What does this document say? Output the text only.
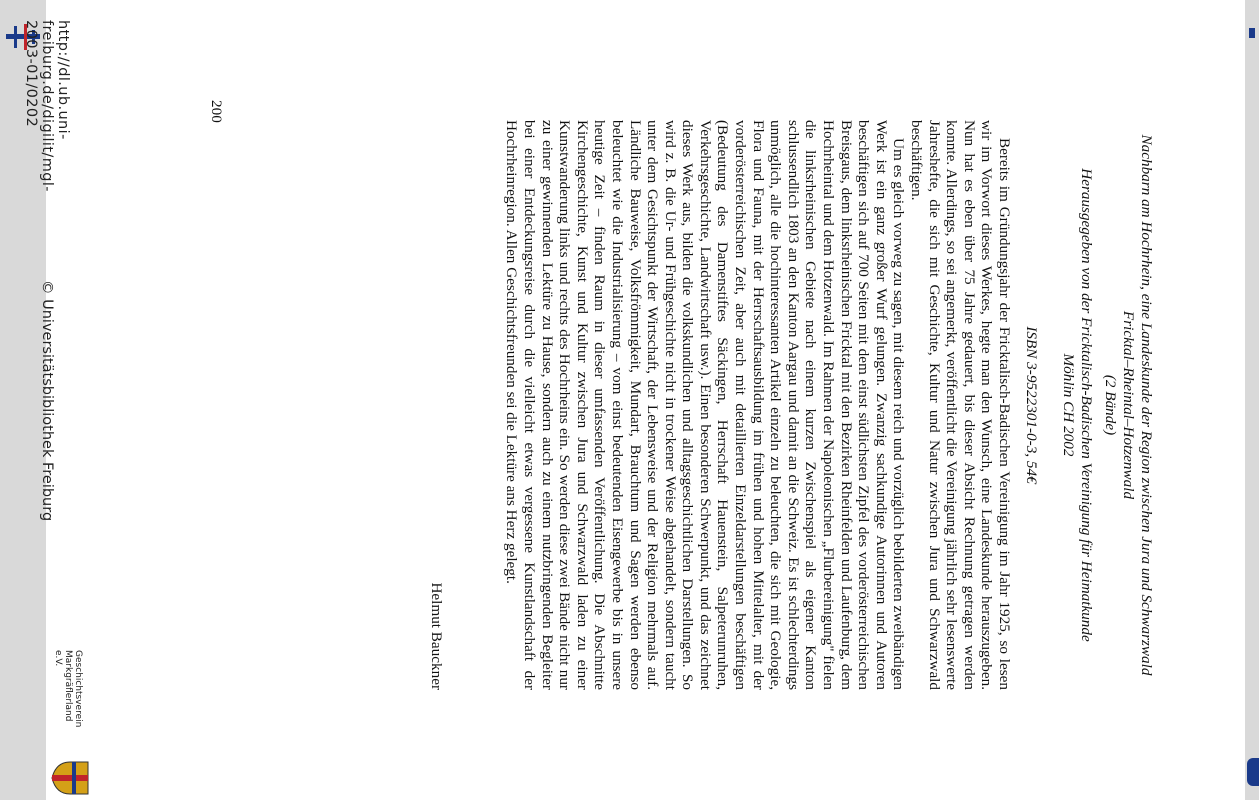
Nachbarn am Hochrhein, eine Landeskunde der Region zwischen Jura und Schwarzwald
Fricktal–Rheintal–Hotzenwald
(2 Bände)
Herausgegeben von der Fricktalisch-Badischen Vereinigung für Heimatkunde
Möhlin CH 2002
ISBN 3-9522301-0-3, 54€

Bereits im Gründungsjahr der Fricktalisch-Badischen Vereinigung im Jahr 1925, so lesen wir im Vorwort dieses Werkes, hegte man den Wunsch, eine Landeskunde herauszugeben. Nun hat es eben über 75 Jahre gedauert, bis dieser Absicht Rechnung getragen werden konnte. Allerdings, so sei angemerkt, veröffentlicht die Vereinigung jährlich sehr lesenswerte Jahreshefte, die sich mit Geschichte, Kultur und Natur zwischen Jura und Schwarzwald beschäftigen.

Um es gleich vorweg zu sagen, mit diesem reich und vorzüglich bebilderten zweibändigen Werk ist ein ganz großer Wurf gelungen. Zwanzig sachkundige Autorinnen und Autoren beschäftigen sich auf 700 Seiten mit dem einst südlichsten Zipfel des vorderösterreichischen Breisgaus, dem linksrheinischen Fricktal mit den Bezirken Rheinfelden und Laufenburg, dem Hochrheintal und dem Hotzenwald. Im Rahmen der Napoleonischen „Flurbereinigung" fielen die linksrheinischen Gebiete nach einem kurzen Zwischenspiel als eigener Kanton schlussendlich 1803 an den Kanton Aargau und damit an die Schweiz. Es ist schlechterdings unmöglich, alle die hochinteressanten Artikel einzeln zu beleuchten, die sich mit Geologie, Flora und Fauna, mit der Herrschaftsausbildung im frühen und hohen Mittelalter, mit der vorderösterreichischen Zeit, aber auch mit detaillierten Einzeldarstellungen beschäftigen (Bedeutung des Damenstiftes Säckingen, Herrschaft Hauenstein, Salpeterunruhen, Verkehrsgeschichte, Landwirtschaft usw.). Einen besonderen Schwerpunkt, und das zeichnet dieses Werk aus, bilden die volkskundlichen und alltagsgeschichtlichen Darstellungen. So wird z. B. die Ur- und Frühgeschichte nicht in trockener Weise abgehandelt, sondern taucht unter dem Gesichtspunkt der Wirtschaft, der Lebensweise und der Religion mehrmals auf. Ländliche Bauweise, Volksfrömmigkeit, Mundart, Brauchtum und Sagen werden ebenso beleuchtet wie die Industrialisierung – vom einst bedeutenden Eisengewerbe bis in unsere heutige Zeit – finden Raum in dieser umfassenden Veröffentlichung. Die Abschnitte Kirchengeschichte, Kunst und Kultur zwischen Jura und Schwarzwald laden zu einer Kunstwanderung links und rechts des Hochrheins ein. So werden diese zwei Bände nicht nur zu einer gewinnenden Lektüre zu Hause, sondern auch zu einem nutzbringenden Begleiter bei einer Entdeckungsreise durch die vielleicht etwas vergessene Kunstlandschaft der Hochrheinregion. Allen Geschichtsfreunden sei die Lektüre ans Herz gelegt.

Helmut Bauckner
200
http://dl.ub.uni-freiburg.de/digilit/mgl-2003-01/0202
© Universitätsbibliothek Freiburg
Geschichtsverein
Markgräflerland e.V.
